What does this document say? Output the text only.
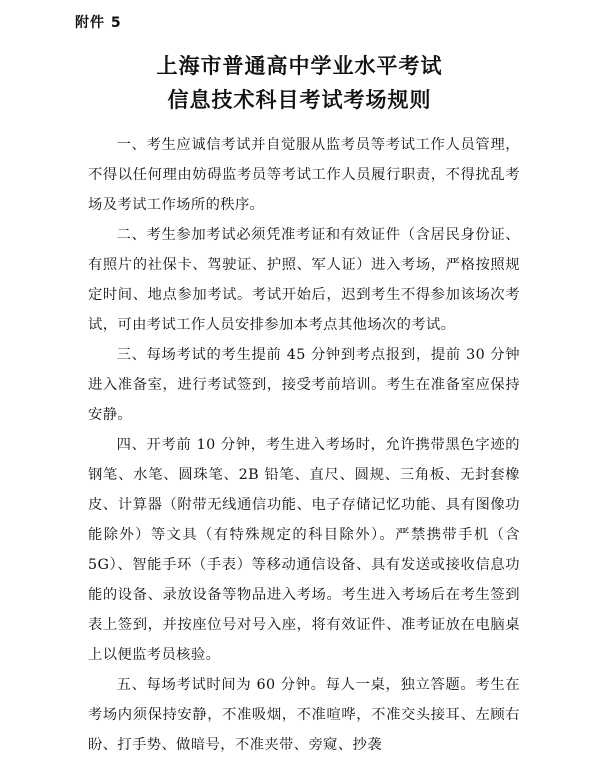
附件 5
上海市普通高中学业水平考试
信息技术科目考试考场规则

一、考生应诚信考试并自觉服从监考员等考试工作人员管理，不得以任何理由妨碍监考员等考试工作人员履行职责，不得扰乱考场及考试工作场所的秩序。

二、考生参加考试必须凭准考证和有效证件（含居民身份证、有照片的社保卡、驾驶证、护照、军人证）进入考场，严格按照规定时间、地点参加考试。考试开始后，迟到考生不得参加该场次考试，可由考试工作人员安排参加本考点其他场次的考试。

三、每场考试的考生提前 45 分钟到考点报到，提前 30 分钟进入准备室，进行考试签到，接受考前培训。考生在准备室应保持安静。

四、开考前 10 分钟，考生进入考场时，允许携带黑色字迹的钢笔、水笔、圆珠笔、2B 铅笔、直尺、圆规、三角板、无封套橡皮、计算器（附带无线通信功能、电子存储记忆功能、具有图像功能除外）等文具（有特殊规定的科目除外）。严禁携带手机（含 5G）、智能手环（手表）等移动通信设备、具有发送或接收信息功能的设备、录放设备等物品进入考场。考生进入考场后在考生签到表上签到，并按座位号对号入座，将有效证件、准考证放在电脑桌上以便监考员核验。

五、每场考试时间为 60 分钟。每人一桌，独立答题。考生在考场内须保持安静，不准吸烟，不准喧哗，不准交头接耳、左顾右盼、打手势、做暗号，不准夹带、旁窥、抄袭
